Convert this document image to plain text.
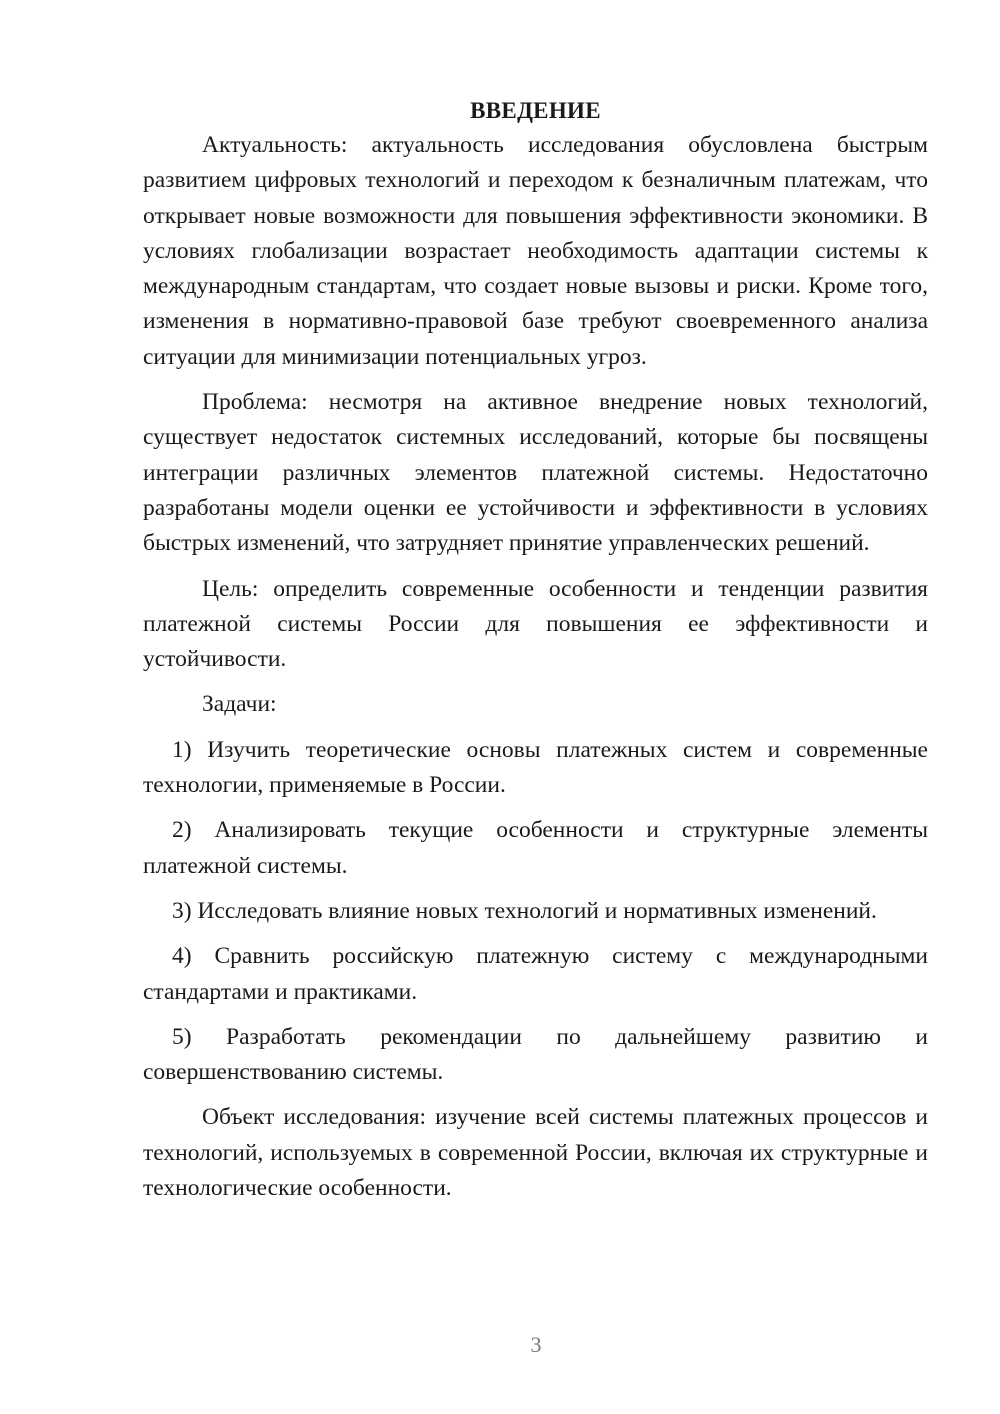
ВВЕДЕНИЕ

Актуальность: актуальность исследования обусловлена быстрым развитием цифровых технологий и переходом к безналичным платежам, что открывает новые возможности для повышения эффективности экономики. В условиях глобализации возрастает необходимость адаптации системы к международным стандартам, что создает новые вызовы и риски. Кроме того, изменения в нормативно-правовой базе требуют своевременного анализа ситуации для минимизации потенциальных угроз.

Проблема: несмотря на активное внедрение новых технологий, существует недостаток системных исследований, которые бы посвящены интеграции различных элементов платежной системы. Недостаточно разработаны модели оценки ее устойчивости и эффективности в условиях быстрых изменений, что затрудняет принятие управленческих решений.

Цель: определить современные особенности и тенденции развития платежной системы России для повышения ее эффективности и устойчивости.

Задачи:

1) Изучить теоретические основы платежных систем и современные технологии, применяемые в России.

2) Анализировать текущие особенности и структурные элементы платежной системы.

3) Исследовать влияние новых технологий и нормативных изменений.

4) Сравнить российскую платежную систему с международными стандартами и практиками.

5) Разработать рекомендации по дальнейшему развитию и совершенствованию системы.

Объект исследования: изучение всей системы платежных процессов и технологий, используемых в современной России, включая их структурные и технологические особенности.

3
